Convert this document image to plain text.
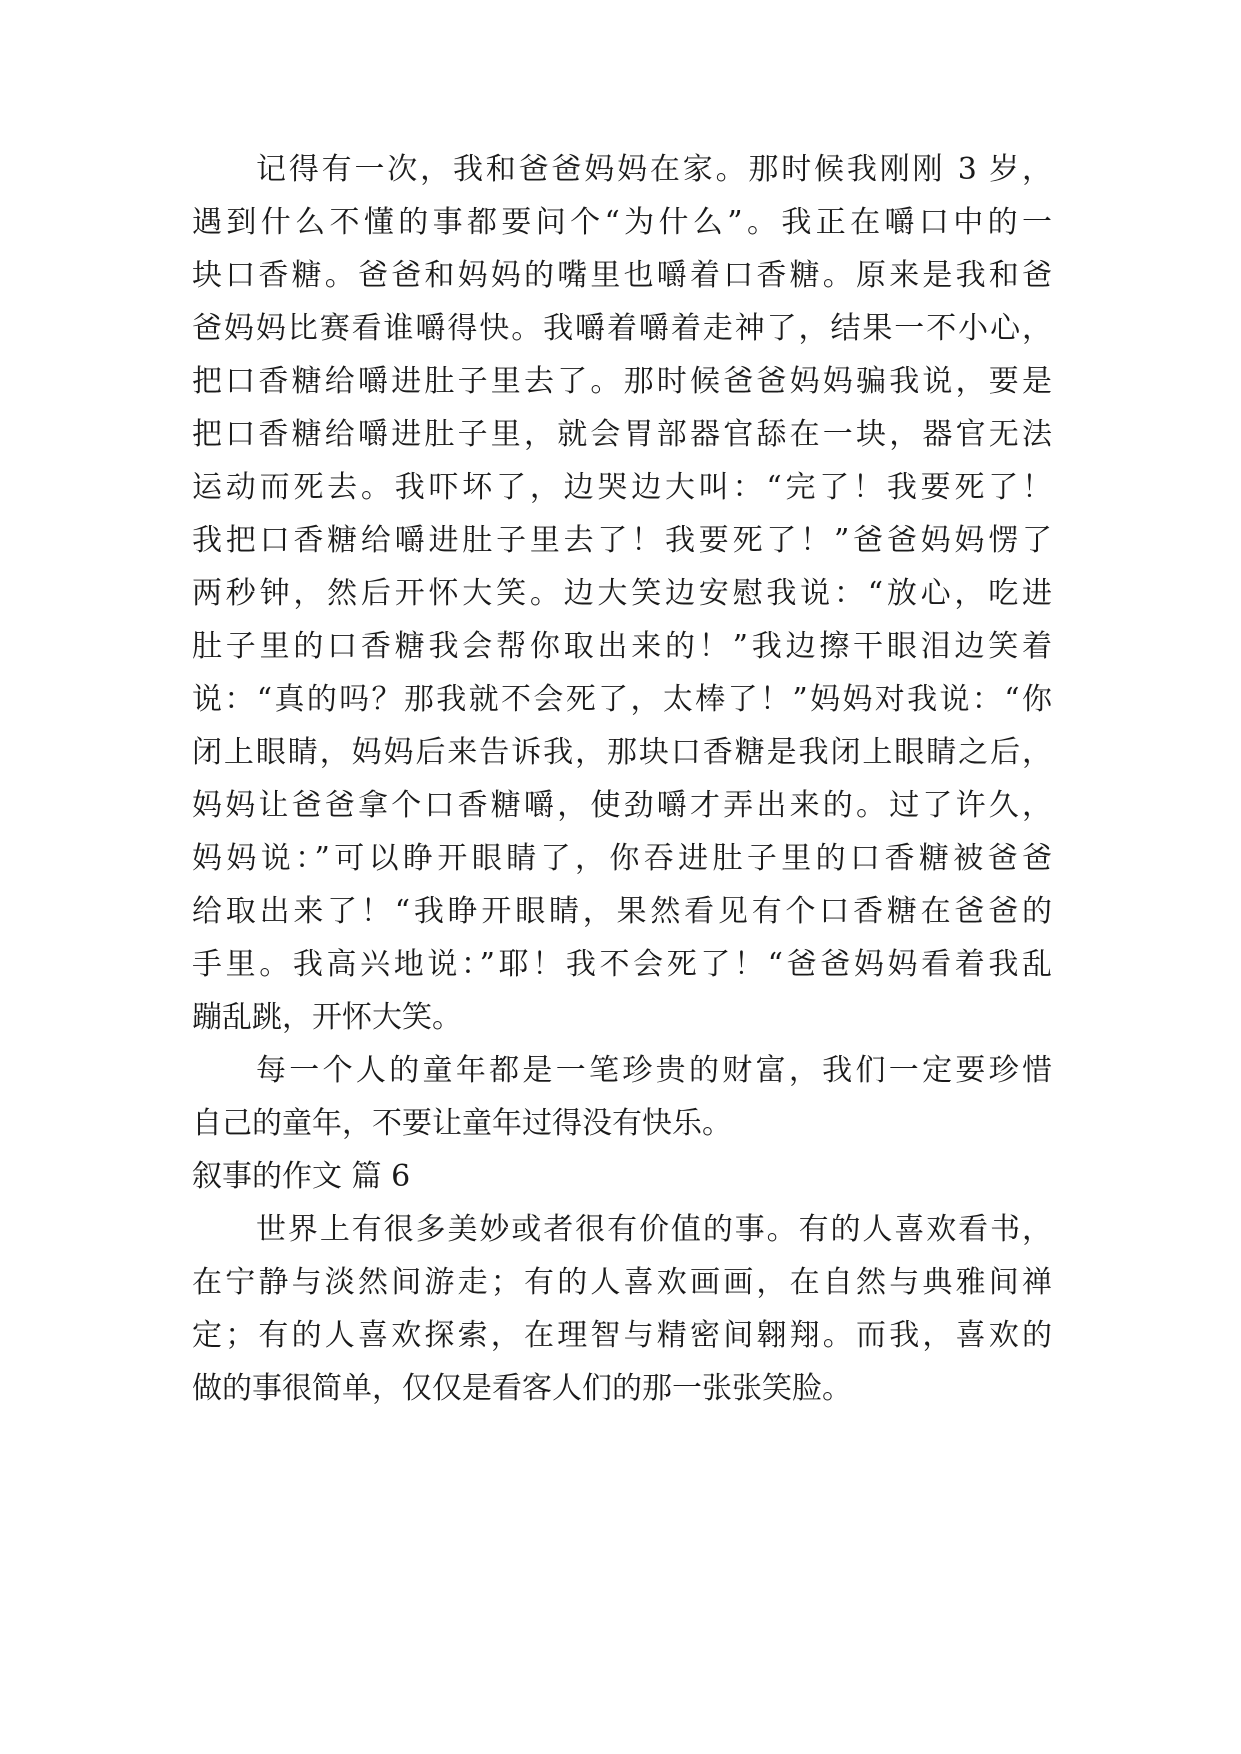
记得有一次，我和爸爸妈妈在家。那时候我刚刚 3 岁，
遇到什么不懂的事都要问个“为什么”。我正在嚼口中的一
块口香糖。爸爸和妈妈的嘴里也嚼着口香糖。原来是我和爸
爸妈妈比赛看谁嚼得快。我嚼着嚼着走神了，结果一不小心，
把口香糖给嚼进肚子里去了。那时候爸爸妈妈骗我说，要是
把口香糖给嚼进肚子里，就会胃部器官舔在一块，器官无法
运动而死去。我吓坏了，边哭边大叫：“完了！我要死了！
我把口香糖给嚼进肚子里去了！我要死了！”爸爸妈妈愣了
两秒钟，然后开怀大笑。边大笑边安慰我说：“放心，吃进
肚子里的口香糖我会帮你取出来的！”我边擦干眼泪边笑着
说：“真的吗？那我就不会死了，太棒了！”妈妈对我说：“你
闭上眼睛，妈妈后来告诉我，那块口香糖是我闭上眼睛之后，
妈妈让爸爸拿个口香糖嚼，使劲嚼才弄出来的。过了许久，
妈妈说：”可以睁开眼睛了，你吞进肚子里的口香糖被爸爸
给取出来了！“我睁开眼睛，果然看见有个口香糖在爸爸的
手里。我高兴地说：”耶！我不会死了！“爸爸妈妈看着我乱
蹦乱跳，开怀大笑。
每一个人的童年都是一笔珍贵的财富，我们一定要珍惜
自己的童年，不要让童年过得没有快乐。
叙事的作文 篇 6
世界上有很多美妙或者很有价值的事。有的人喜欢看书，
在宁静与淡然间游走；有的人喜欢画画，在自然与典雅间禅
定；有的人喜欢探索，在理智与精密间翱翔。而我，喜欢的
做的事很简单，仅仅是看客人们的那一张张笑脸。
